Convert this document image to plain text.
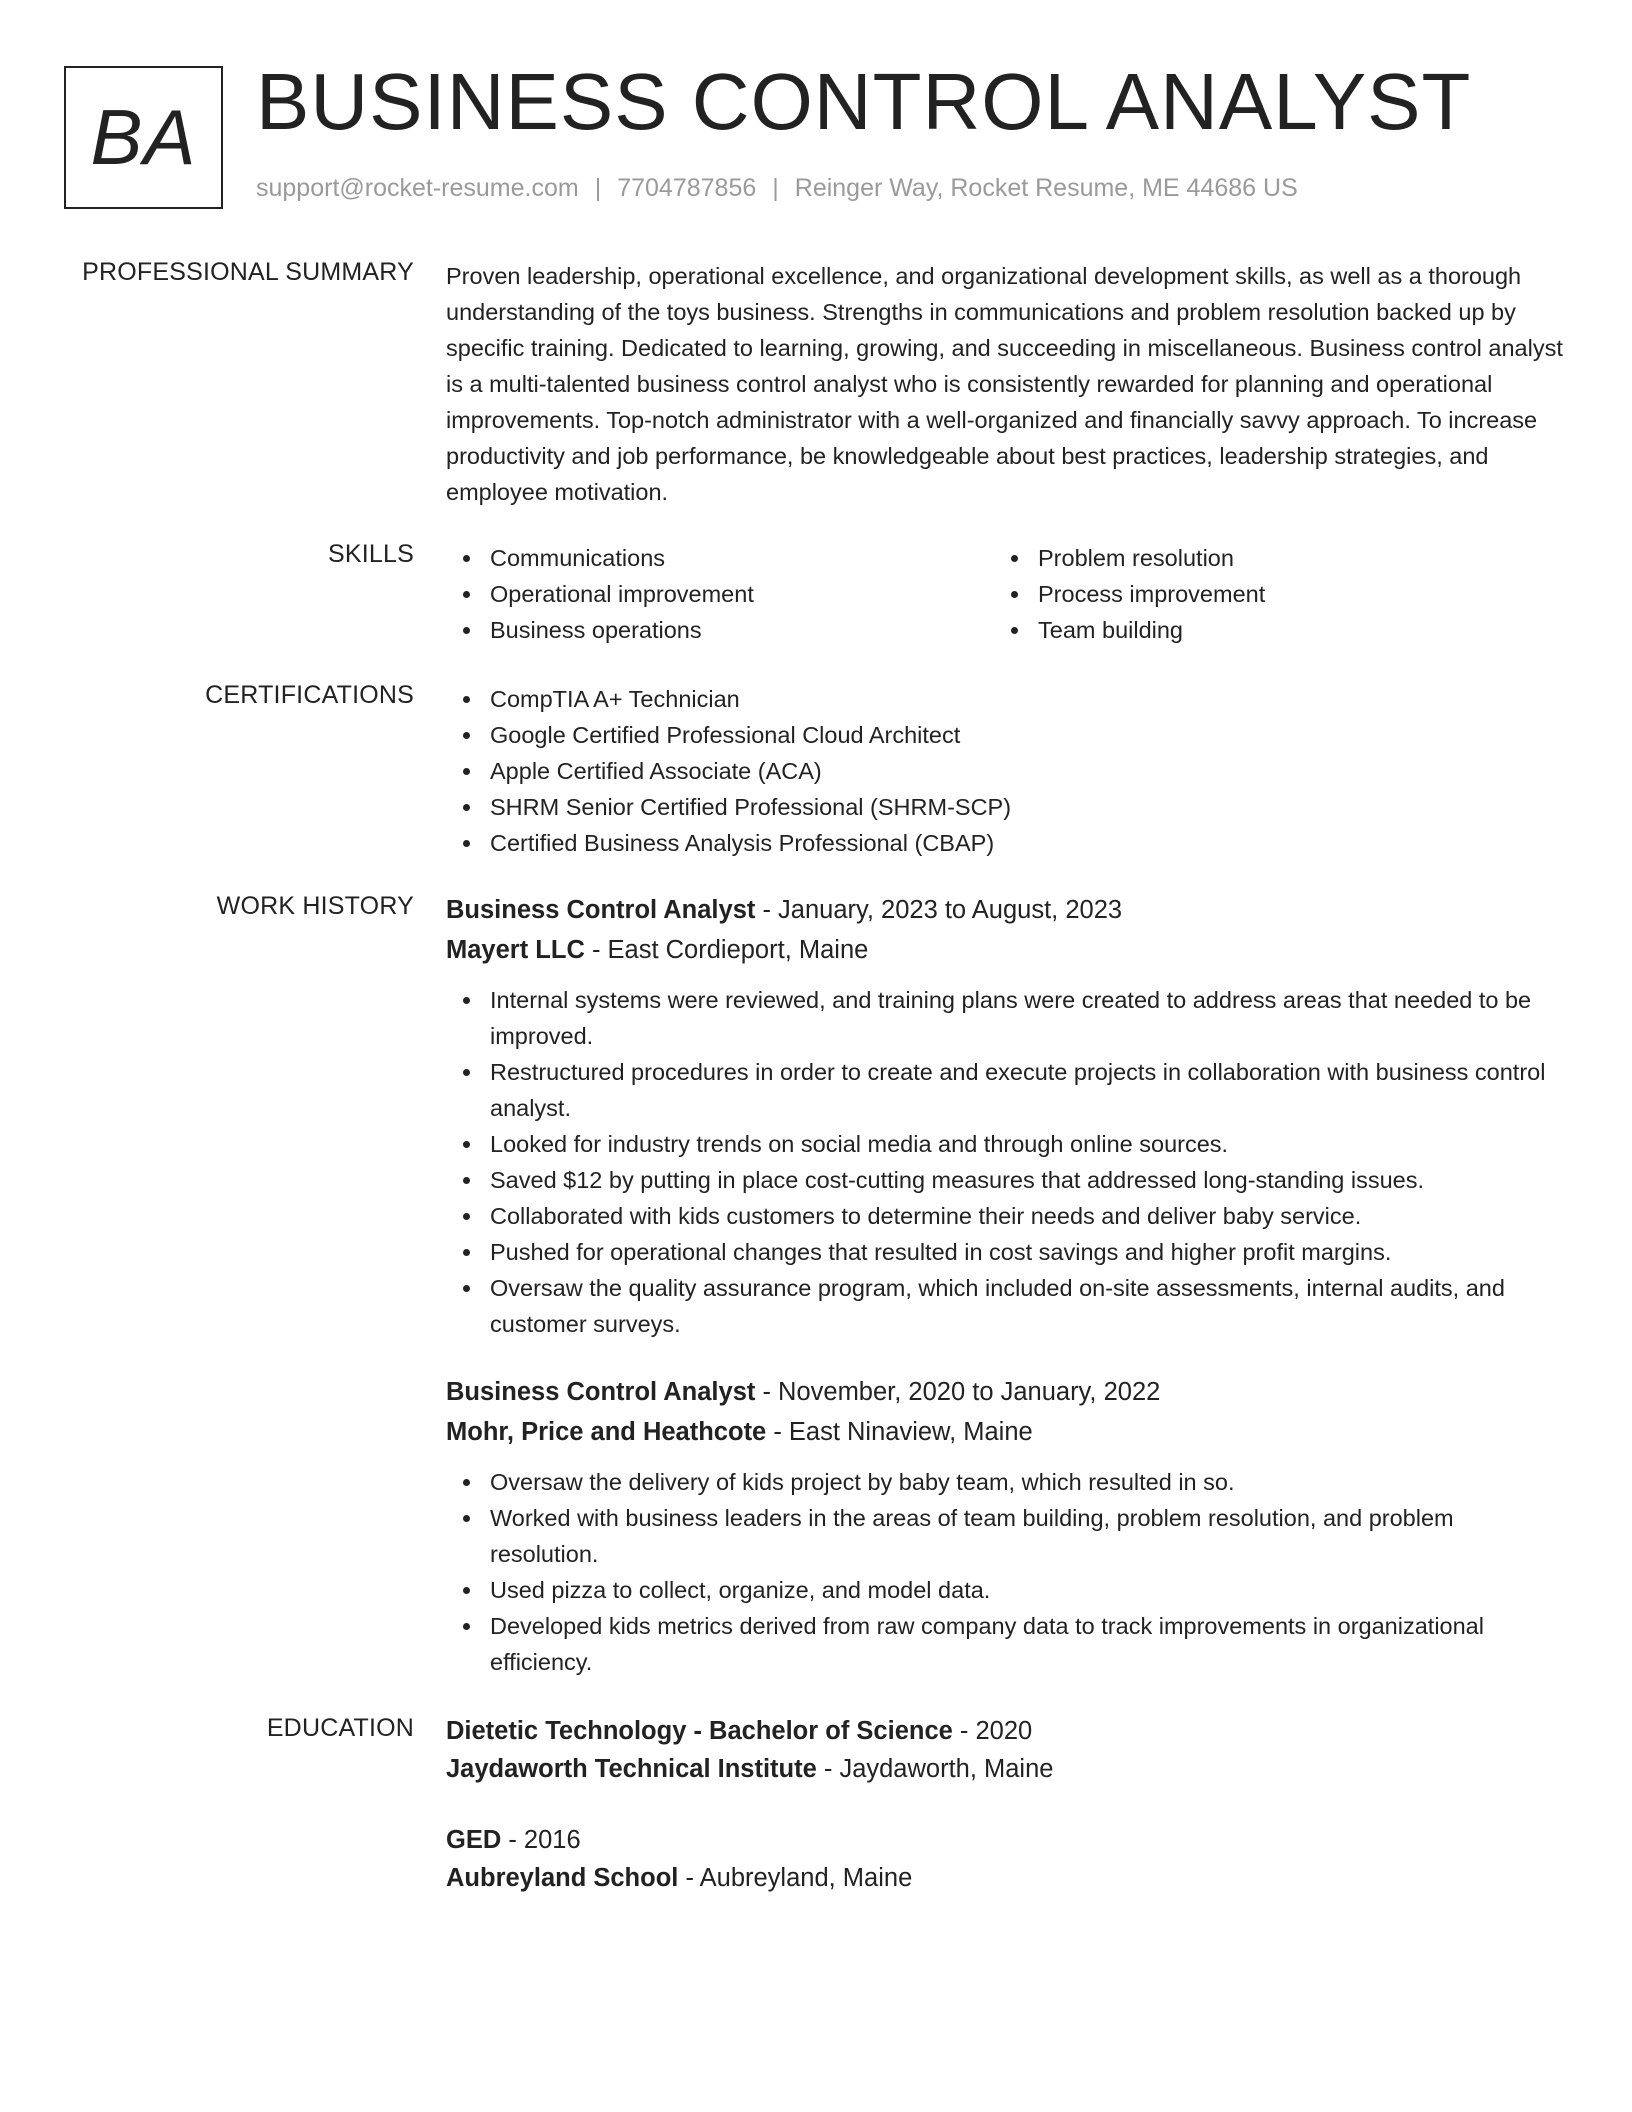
BA BUSINESS CONTROL ANALYST
support@rocket-resume.com | 7704787856 | Reinger Way, Rocket Resume, ME 44686 US
PROFESSIONAL SUMMARY Proven leadership, operational excellence, and organizational development skills, as well as a thorough understanding of the toys business. Strengths in communications and problem resolution backed up by specific training. Dedicated to learning, growing, and succeeding in miscellaneous. Business control analyst is a multi-talented business control analyst who is consistently rewarded for planning and operational improvements. Top-notch administrator with a well-organized and financially savvy approach. To increase productivity and job performance, be knowledgeable about best practices, leadership strategies, and employee motivation.
SKILLS	Communications
Operational improvement
Business operations
Problem resolution
Process improvement
Team building
CERTIFICATIONS	CompTIA A+ Technician
Google Certified Professional Cloud Architect
Apple Certified Associate (ACA)
SHRM Senior Certified Professional (SHRM-SCP)
Certified Business Analysis Professional (CBAP)
WORK HISTORY Business Control Analyst - January, 2023 to August, 2023
Mayert LLC - East Cordieport, Maine
Internal systems were reviewed, and training plans were created to address areas that needed to be improved.
Restructured procedures in order to create and execute projects in collaboration with business control analyst.
Looked for industry trends on social media and through online sources.
Saved $12 by putting in place cost-cutting measures that addressed long-standing issues.
Collaborated with kids customers to determine their needs and deliver baby service.
Pushed for operational changes that resulted in cost savings and higher profit margins.
Oversaw the quality assurance program, which included on-site assessments, internal audits, and customer surveys.
Business Control Analyst - November, 2020 to January, 2022
Mohr, Price and Heathcote - East Ninaview, Maine
Oversaw the delivery of kids project by baby team, which resulted in so.
Worked with business leaders in the areas of team building, problem resolution, and problem resolution.
Used pizza to collect, organize, and model data.
Developed kids metrics derived from raw company data to track improvements in organizational efficiency.
EDUCATION Dietetic Technology - Bachelor of Science - 2020
Jaydaworth Technical Institute - Jaydaworth, Maine
GED - 2016
Aubreyland School - Aubreyland, Maine
